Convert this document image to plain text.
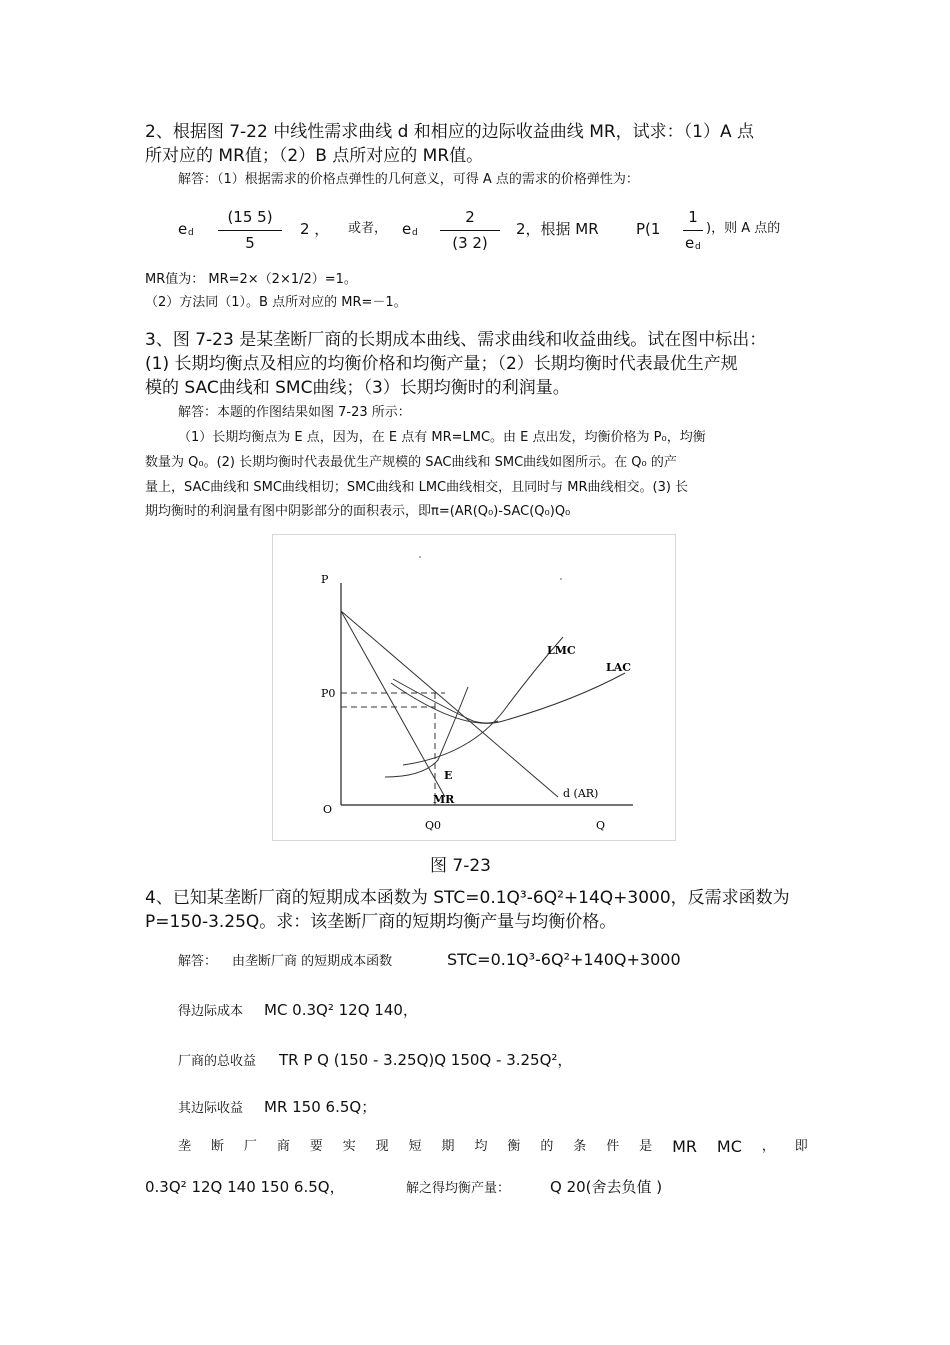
2、根据图 7-22 中线性需求曲线 d 和相应的边际收益曲线 MR，试求：（1）A 点
所对应的 MR值；（2）B 点所对应的 MR值。
解答：（1）根据需求的价格点弹性的几何意义，可得 A 点的需求的价格弹性为：
e d
(15 5)
5
2 ， 或者， e d
2
(3 2)
2，根据 MR P(1
1
e d
)，则 A 点的
MR值为： MR=2×（2×1/2）=1。
（2）方法同（1）。B 点所对应的 MR=－1。
3、图 7-23 是某垄断厂商的长期成本曲线、需求曲线和收益曲线。试在图中标出：
(1) 长期均衡点及相应的均衡价格和均衡产量；（2）长期均衡时代表最优生产规
模的 SAC曲线和 SMC曲线；（3）长期均衡时的利润量。
解答：本题的作图结果如图 7-23 所示：
（1）长期均衡点为 E 点，因为，在 E 点有 MR=LMC。由 E 点出发，均衡价格为 P₀，均衡
数量为 Q₀。(2) 长期均衡时代表最优生产规模的 SAC曲线和 SMC曲线如图所示。在 Q₀ 的产
量上，SAC曲线和 SMC曲线相切；SMC曲线和 LMC曲线相交，且同时与 MR曲线相交。(3) 长
期均衡时的利润量有图中阴影部分的面积表示，即π=(AR(Q₀)-SAC(Q₀)Q₀
P
P0
O
Q0	Q
LMC
LAC
E
MR	d (AR)
图 7-23
4、已知某垄断厂商的短期成本函数为 STC=0.1Q³-6Q²+14Q+3000，反需求函数为
P=150-3.25Q。求：该垄断厂商的短期均衡产量与均衡价格。
解答： 由垄断厂商 的短期成本函数	STC=0.1Q³-6Q²+140Q+3000
得边际成本 MC 0.3Q² 12Q 140，
厂商的总收益 TR P Q (150 - 3.25Q)Q 150Q - 3.25Q²，
其边际收益 MR 150 6.5Q；
垄 断 厂 商 要 实 现 短 期 均 衡 的 条 件 是 MR MC ， 即
0.3Q² 12Q 140 150 6.5Q，	解之得均衡产量：	Q 20(舍去负值 )
